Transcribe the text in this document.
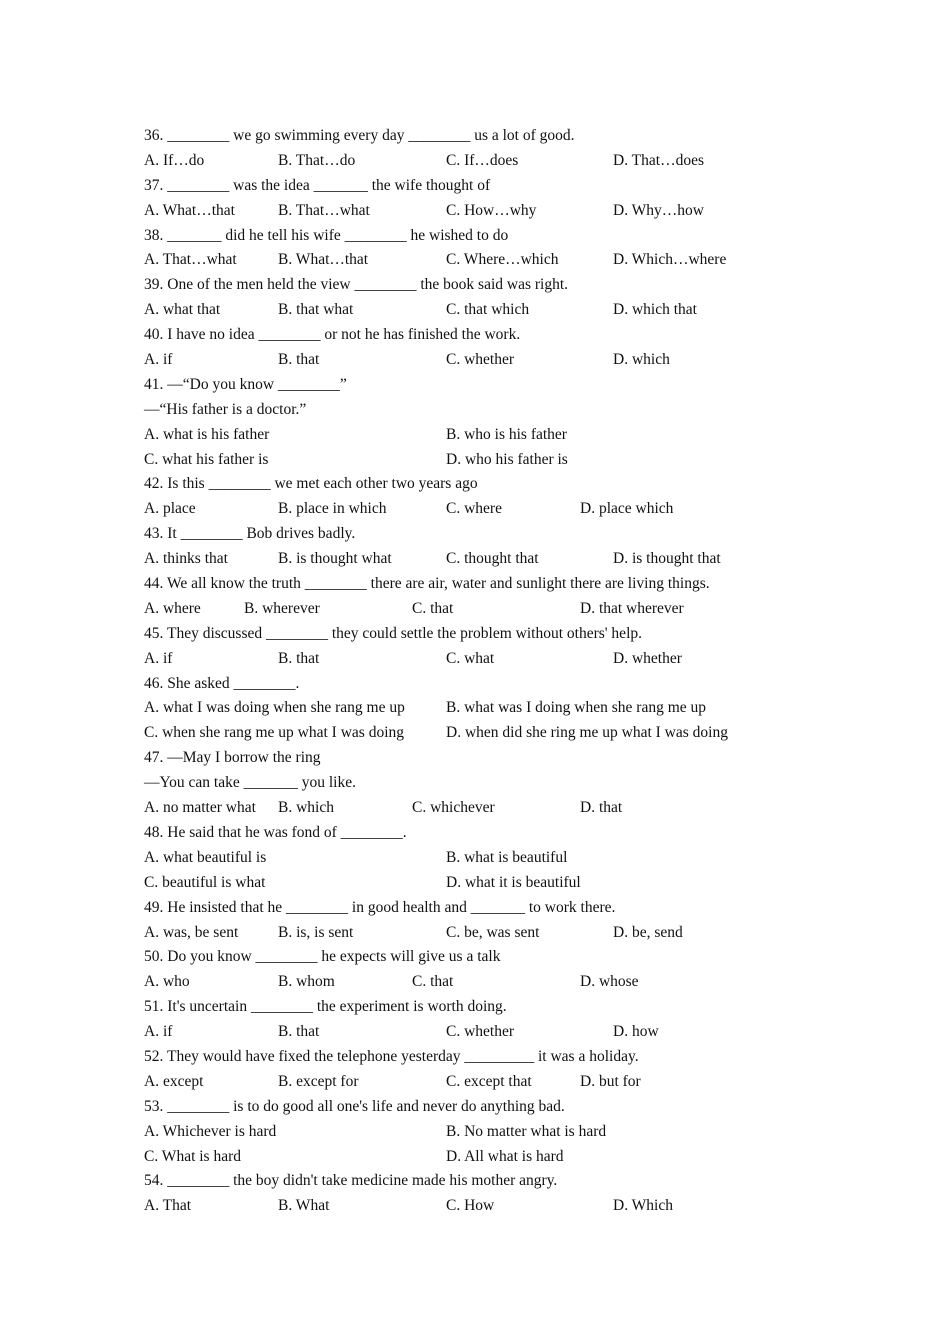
36. ________ we go swimming every day ________ us a lot of good.
A. If…do	B. That…do	C. If…does	D. That…does
37. ________ was the idea _______ the wife thought of
A. What…that	B. That…what	C. How…why	D. Why…how
38. _______ did he tell his wife ________ he wished to do
A. That…what	B. What…that	C. Where…which	D. Which…where
39. One of the men held the view ________ the book said was right.
A. what that	B. that what	C. that which	D. which that
40. I have no idea ________ or not he has finished the work.
A. if	B. that	C. whether	D. which
41. —“Do you know ________”
—“His father is a doctor.”
A. what is his father	B. who is his father
C. what his father is	D. who his father is
42. Is this ________ we met each other two years ago
A. place	B. place in which	C. where	D. place which
43. It ________ Bob drives badly.
A. thinks that	B. is thought what	C. thought that	D. is thought that
44. We all know the truth ________ there are air, water and sunlight there are living things.
A. where	B. wherever	C. that	D. that wherever
45. They discussed ________ they could settle the problem without others' help.
A. if	B. that	C. what	D. whether
46. She asked ________.
A. what I was doing when she rang me up	B. what was I doing when she rang me up
C. when she rang me up what I was doing	D. when did she ring me up what I was doing
47. —May I borrow the ring
—You can take _______ you like.
A. no matter what B. which	C. whichever	D. that
48. He said that he was fond of ________.
A. what beautiful is	B. what is beautiful
C. beautiful is what	D. what it is beautiful
49. He insisted that he ________ in good health and _______ to work there.
A. was, be sent	B. is, is sent	C. be, was sent	D. be, send
50. Do you know ________ he expects will give us a talk
A. who	B. whom	C. that	D. whose
51. It's uncertain ________ the experiment is worth doing.
A. if	B. that	C. whether	D. how
52. They would have fixed the telephone yesterday _________ it was a holiday.
A. except	B. except for	C. except that	D. but for
53. ________ is to do good all one's life and never do anything bad.
A. Whichever is hard	B. No matter what is hard
C. What is hard	D. All what is hard
54. ________ the boy didn't take medicine made his mother angry.
A. That	B. What	C. How	D. Which
